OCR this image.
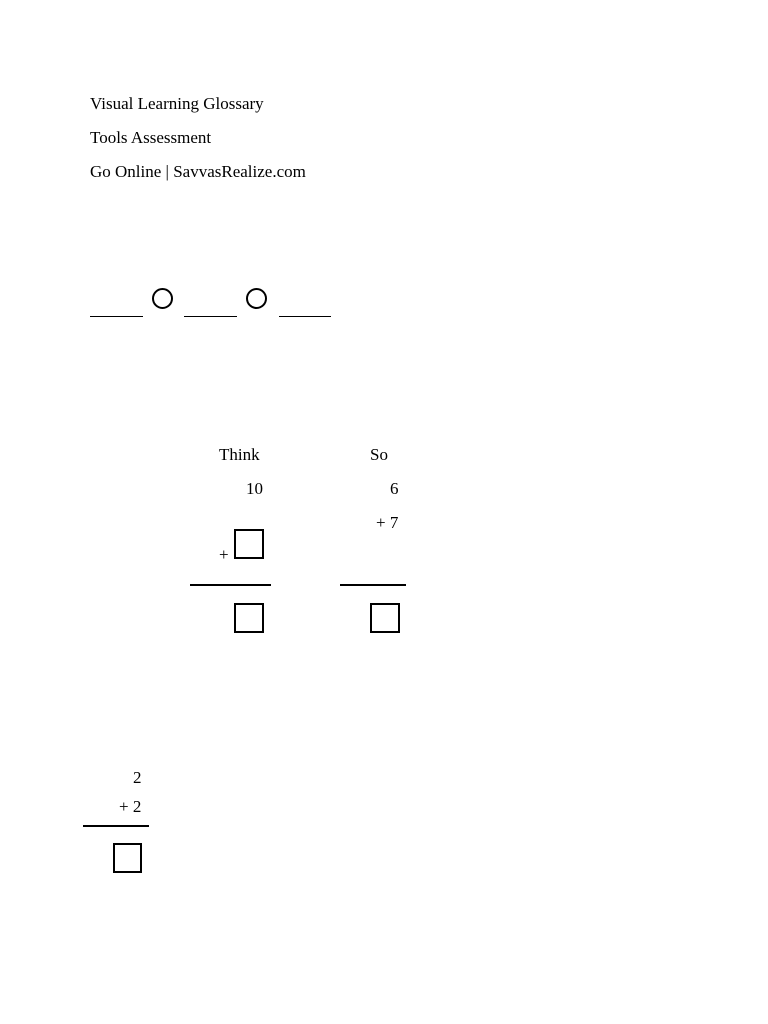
Visual Learning Glossary
Tools Assessment
Go Online | SavvasRealize.com
Think
10
+
So
6
+ 7
2
+ 2
